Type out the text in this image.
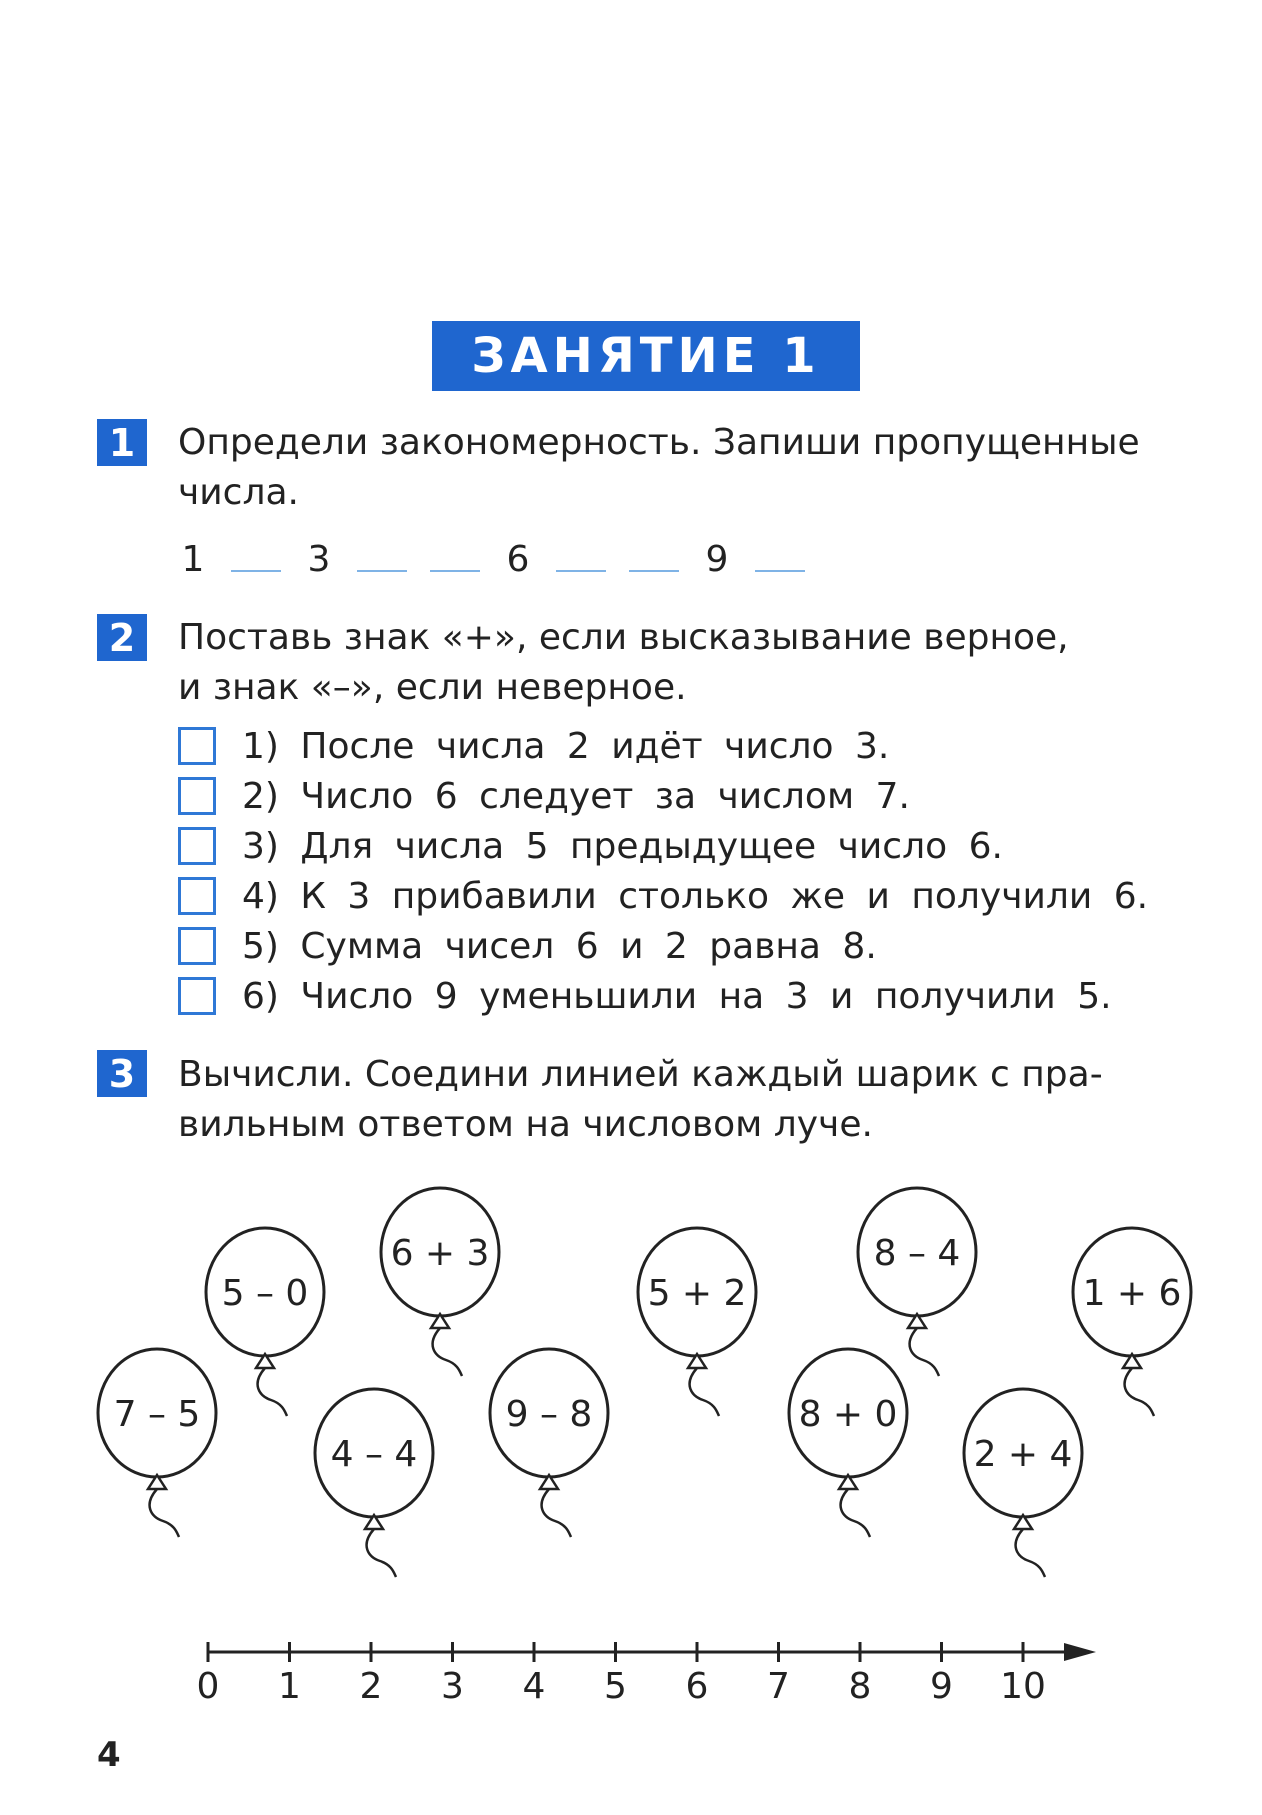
ЗАНЯТИЕ 1
1	Определи закономерность. Запиши пропущенные
числа.
1	3	6	9
2	Поставь знак «+», если высказывание верное,
и знак «–», если неверное.
1) После числа 2 идёт число 3.
2) Число 6 следует за числом 7.
3) Для числа 5 предыдущее число 6.
4) К 3 прибавили столько же и получили 6.
5) Сумма чисел 6 и 2 равна 8.
6) Число 9 уменьшили на 3 и получили 5.
3	Вычисли. Соедини линией каждый шарик с пра-
вильным ответом на числовом луче.
7 – 5
5 – 0
6 + 3
4 – 4
9 – 8
5 + 2
8 + 0
8 – 4
2 + 4
1 + 6
0 1 2 3 4 5 6 7 8 9 10
4
